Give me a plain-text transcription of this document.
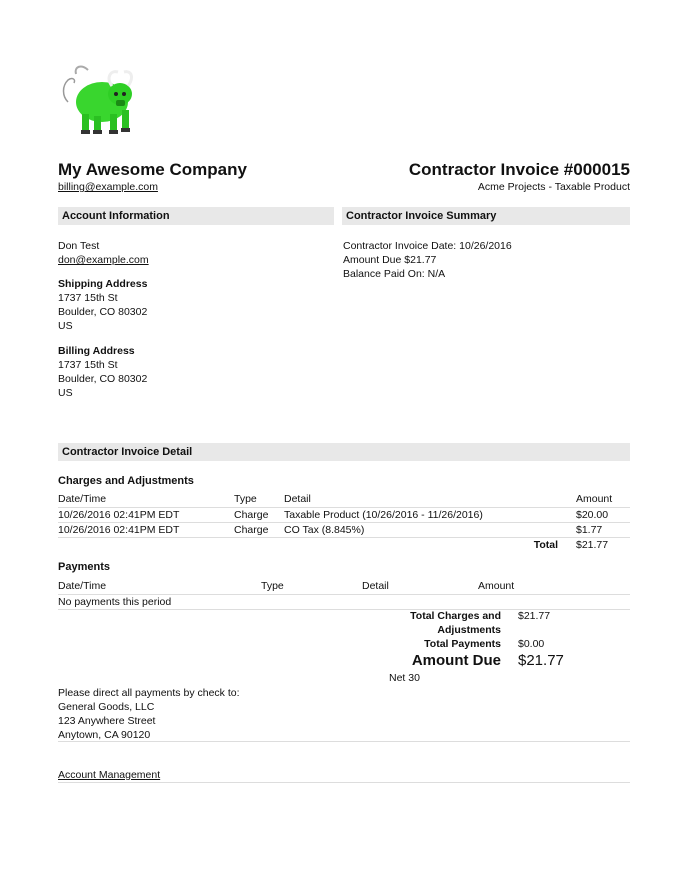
My Awesome Company
billing@example.com
Contractor Invoice #000015
Acme Projects - Taxable Product
Account Information	Contractor Invoice Summary
Don Test
don@example.com
Shipping Address
1737 15th St
Boulder, CO 80302
US
Billing Address
1737 15th St
Boulder, CO 80302
US
Contractor Invoice Date: 10/26/2016
Amount Due $21.77
Balance Paid On: N/A
Contractor Invoice Detail
Charges and Adjustments
Date/Time	Type	Detail	Amount
10/26/2016 02:41PM EDT	Charge	Taxable Product (10/26/2016 - 11/26/2016)	$20.00
10/26/2016 02:41PM EDT	Charge	CO Tax (8.845%)	$1.77
		Total	$21.77
Payments
Date/Time	Type	Detail	Amount
No payments this period
Total Charges and
Adjustments
$21.77
Total Payments $0.00
Amount Due $21.77
Net 30
Please direct all payments by check to:
General Goods, LLC
123 Anywhere Street
Anytown, CA 90120
Account Management
